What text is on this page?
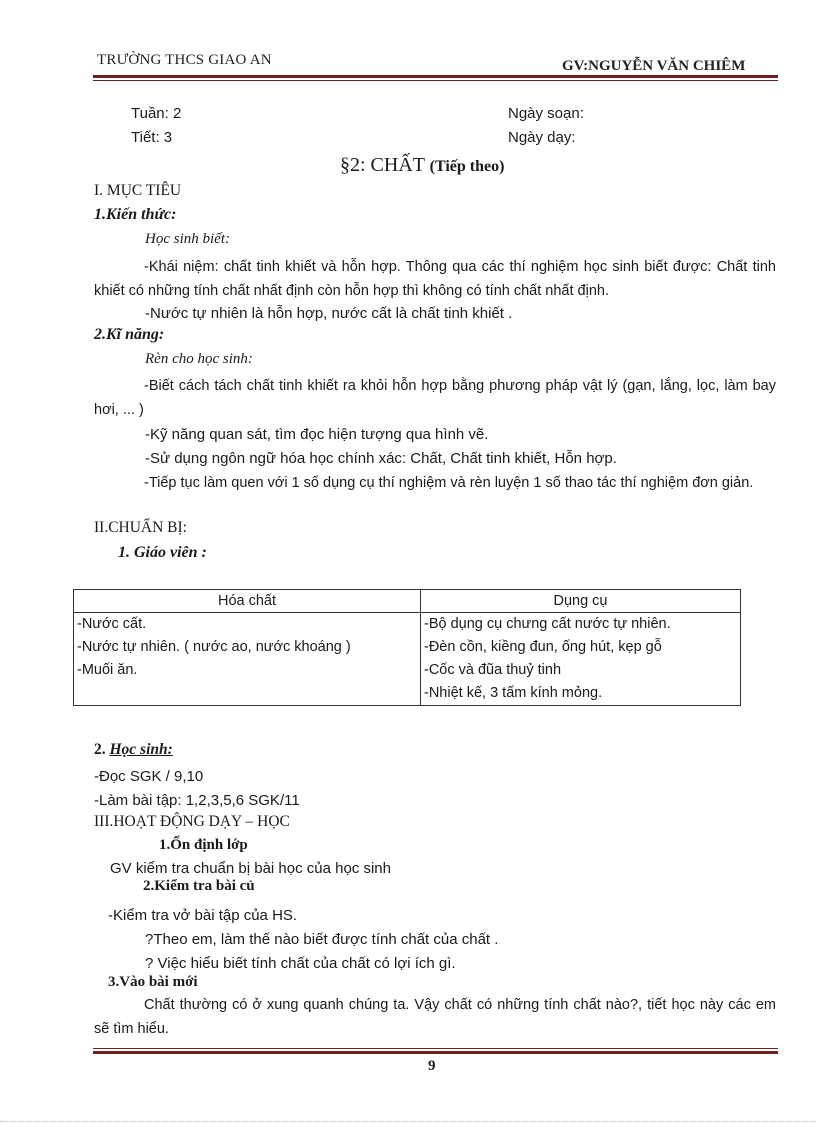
TRƯỜNG THCS GIAO AN	GV:NGUYỄN VĂN CHIÊM
Tuần: 2
Tiết: 3
Ngày soạn:
Ngày dạy:
§2: CHẤT (Tiếp theo)
I. MỤC TIÊU
1.Kiến thức:
Học sinh biết:
-Khái niệm: chất tinh khiết và hỗn hợp. Thông qua các thí nghiệm học sinh biết được: Chất tinh khiết có những tính chất nhất định còn hỗn hợp thì không có tính chất nhất định.
-Nước tự nhiên là hỗn hợp, nước cất là chất tinh khiết .
2.Kĩ năng:
Rèn cho học sinh:
-Biết cách tách chất tinh khiết ra khỏi hỗn hợp bằng phương pháp vật lý (gạn, lắng, lọc, làm bay hơi, ... )
-Kỹ năng quan sát, tìm đọc hiện tượng qua hình vẽ.
-Sử dụng ngôn ngữ hóa học chính xác: Chất, Chất tinh khiết, Hỗn hợp.
-Tiếp tục làm quen với 1 số dụng cụ thí nghiệm và rèn luyện 1 số thao tác thí nghiệm đơn giản.
II.CHUẨN BỊ:
1. Giáo viên :
Hóa chất	Dụng cụ
-Nước cất.	-Bộ dụng cụ chưng cất nước tự nhiên.
-Nước tự nhiên. ( nước ao, nước khoáng )	-Đèn cồn, kiềng đun, ống hút, kẹp gỗ
-Muối ăn.	-Cốc và đũa thuỷ tinh
	-Nhiệt kế, 3 tấm kính mỏng.
2. Học sinh:
-Đọc SGK / 9,10
-Làm bài tập: 1,2,3,5,6 SGK/11
III.HOẠT ĐỘNG DẠY – HỌC
1.Ổn định lớp
GV kiểm tra chuẩn bị bài học của học sinh
2.Kiểm tra bài củ
-Kiểm tra vở bài tập của HS.
?Theo em, làm thế nào biết được tính chất của chất .
? Việc hiểu biết tính chất của chất có lợi ích gì.
3.Vào bài mới
Chất thường có ở xung quanh chúng ta. Vậy chất có những tính chất nào?, tiết học này các em sẽ tìm hiểu.
9
